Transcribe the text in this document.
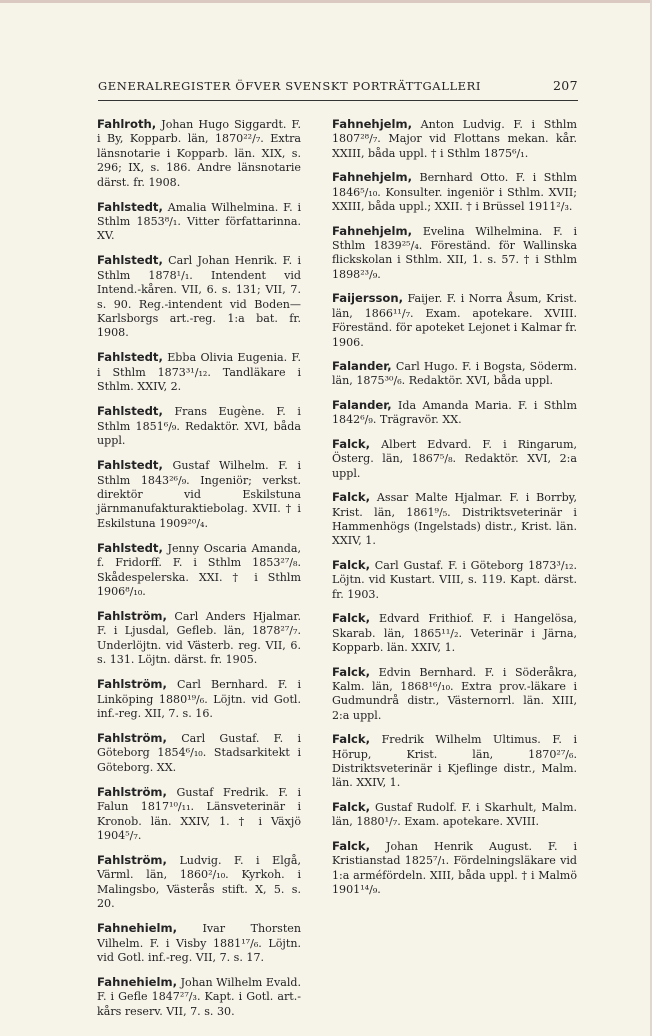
GENERALREGISTER ÖFVER SVENSKT PORTRÄTTGALLERI	207
Fahlroth, Johan Hugo Siggardt. F. i By, Kopparb. län, 1870²²/₇. Extra länsnotarie i Kopparb. län. XIX, s. 296; IX, s. 186. Andre länsnotarie därst. fr. 1908.
Fahlstedt, Amalia Wilhelmina. F. i Sthlm 1853⁸/₁. Vitter författarinna. XV.
Fahlstedt, Carl Johan Henrik. F. i Sthlm 1878¹/₁. Intendent vid Intend.-kåren. VII, 6. s. 131; VII, 7. s. 90. Reg.-intendent vid Boden—Karlsborgs art.-reg. 1:a bat. fr. 1908.
Fahlstedt, Ebba Olivia Eugenia. F. i Sthlm 1873³¹/₁₂. Tandläkare i Sthlm. XXIV, 2.
Fahlstedt, Frans Eugène. F. i Sthlm 1851⁶/₉. Redaktör. XVI, båda uppl.
Fahlstedt, Gustaf Wilhelm. F. i Sthlm 1843²⁶/₉. Ingeniör; verkst. direktör vid Eskilstuna järnmanufakturaktiebolag. XVII. † i Eskilstuna 1909²⁰/₄.
Fahlstedt, Jenny Oscaria Amanda, f. Fridorff. F. i Sthlm 1853²⁷/₈. Skådespelerska. XXI. † i Sthlm 1906⁸/₁₀.
Fahlström, Carl Anders Hjalmar. F. i Ljusdal, Gefleb. län, 1878²⁷/₇. Underlöjtn. vid Västerb. reg. VII, 6. s. 131. Löjtn. därst. fr. 1905.
Fahlström, Carl Bernhard. F. i Linköping 1880¹⁹/₆. Löjtn. vid Gotl. inf.-reg. XII, 7. s. 16.
Fahlström, Carl Gustaf. F. i Göteborg 1854⁶/₁₀. Stadsarkitekt i Göteborg. XX.
Fahlström, Gustaf Fredrik. F. i Falun 1817¹⁰/₁₁. Länsveterinär i Kronob. län. XXIV, 1. † i Växjö 1904⁵/₇.
Fahlström, Ludvig. F. i Elgå, Värml. län, 1860²/₁₀. Kyrkoh. i Malingsbo, Västerås stift. X, 5. s. 20.
Fahnehielm, Ivar Thorsten Vilhelm. F. i Visby 1881¹⁷/₆. Löjtn. vid Gotl. inf.-reg. VII, 7. s. 17.
Fahnehielm, Johan Wilhelm Evald. F. i Gefle 1847²⁷/₃. Kapt. i Gotl. art.-kårs reserv. VII, 7. s. 30.
Fahnehjelm, Anton Ludvig. F. i Sthlm 1807²⁸/₇. Major vid Flottans mekan. kår. XXIII, båda uppl. † i Sthlm 1875⁶/₁.
Fahnehjelm, Bernhard Otto. F. i Sthlm 1846⁵/₁₀. Konsulter. ingeniör i Sthlm. XVII; XXIII, båda uppl.; XXII. † i Brüssel 1911²/₃.
Fahnehjelm, Evelina Wilhelmina. F. i Sthlm 1839²⁵/₄. Föreständ. för Wallinska flickskolan i Sthlm. XII, 1. s. 57. † i Sthlm 1898²³/₉.
Faijersson, Faijer. F. i Norra Åsum, Krist. län, 1866¹¹/₇. Exam. apotekare. XVIII. Föreständ. för apoteket Lejonet i Kalmar fr. 1906.
Falander, Carl Hugo. F. i Bogsta, Söderm. län, 1875³⁰/₆. Redaktör. XVI, båda uppl.
Falander, Ida Amanda Maria. F. i Sthlm 1842⁶/₉. Trägravör. XX.
Falck, Albert Edvard. F. i Ringarum, Österg. län, 1867⁵/₈. Redaktör. XVI, 2:a uppl.
Falck, Assar Malte Hjalmar. F. i Borrby, Krist. län, 1861⁹/₅. Distriktsveterinär i Hammenhögs (Ingelstads) distr., Krist. län. XXIV, 1.
Falck, Carl Gustaf. F. i Göteborg 1873³/₁₂. Löjtn. vid Kustart. VIII, s. 119. Kapt. därst. fr. 1903.
Falck, Edvard Frithiof. F. i Hangelösa, Skarab. län, 1865¹¹/₂. Veterinär i Järna, Kopparb. län. XXIV, 1.
Falck, Edvin Bernhard. F. i Söderåkra, Kalm. län, 1868¹⁶/₁₀. Extra prov.-läkare i Gudmundrå distr., Västernorrl. län. XIII, 2:a uppl.
Falck, Fredrik Wilhelm Ultimus. F. i Hörup, Krist. län, 1870²⁷/₆. Distriktsveterinär i Kjeflinge distr., Malm. län. XXIV, 1.
Falck, Gustaf Rudolf. F. i Skarhult, Malm. län, 1880¹/₇. Exam. apotekare. XVIII.
Falck, Johan Henrik August. F. i Kristianstad 1825⁷/₁. Fördelningsläkare vid 1:a arméfördeln. XIII, båda uppl. † i Malmö 1901¹⁴/₉.
